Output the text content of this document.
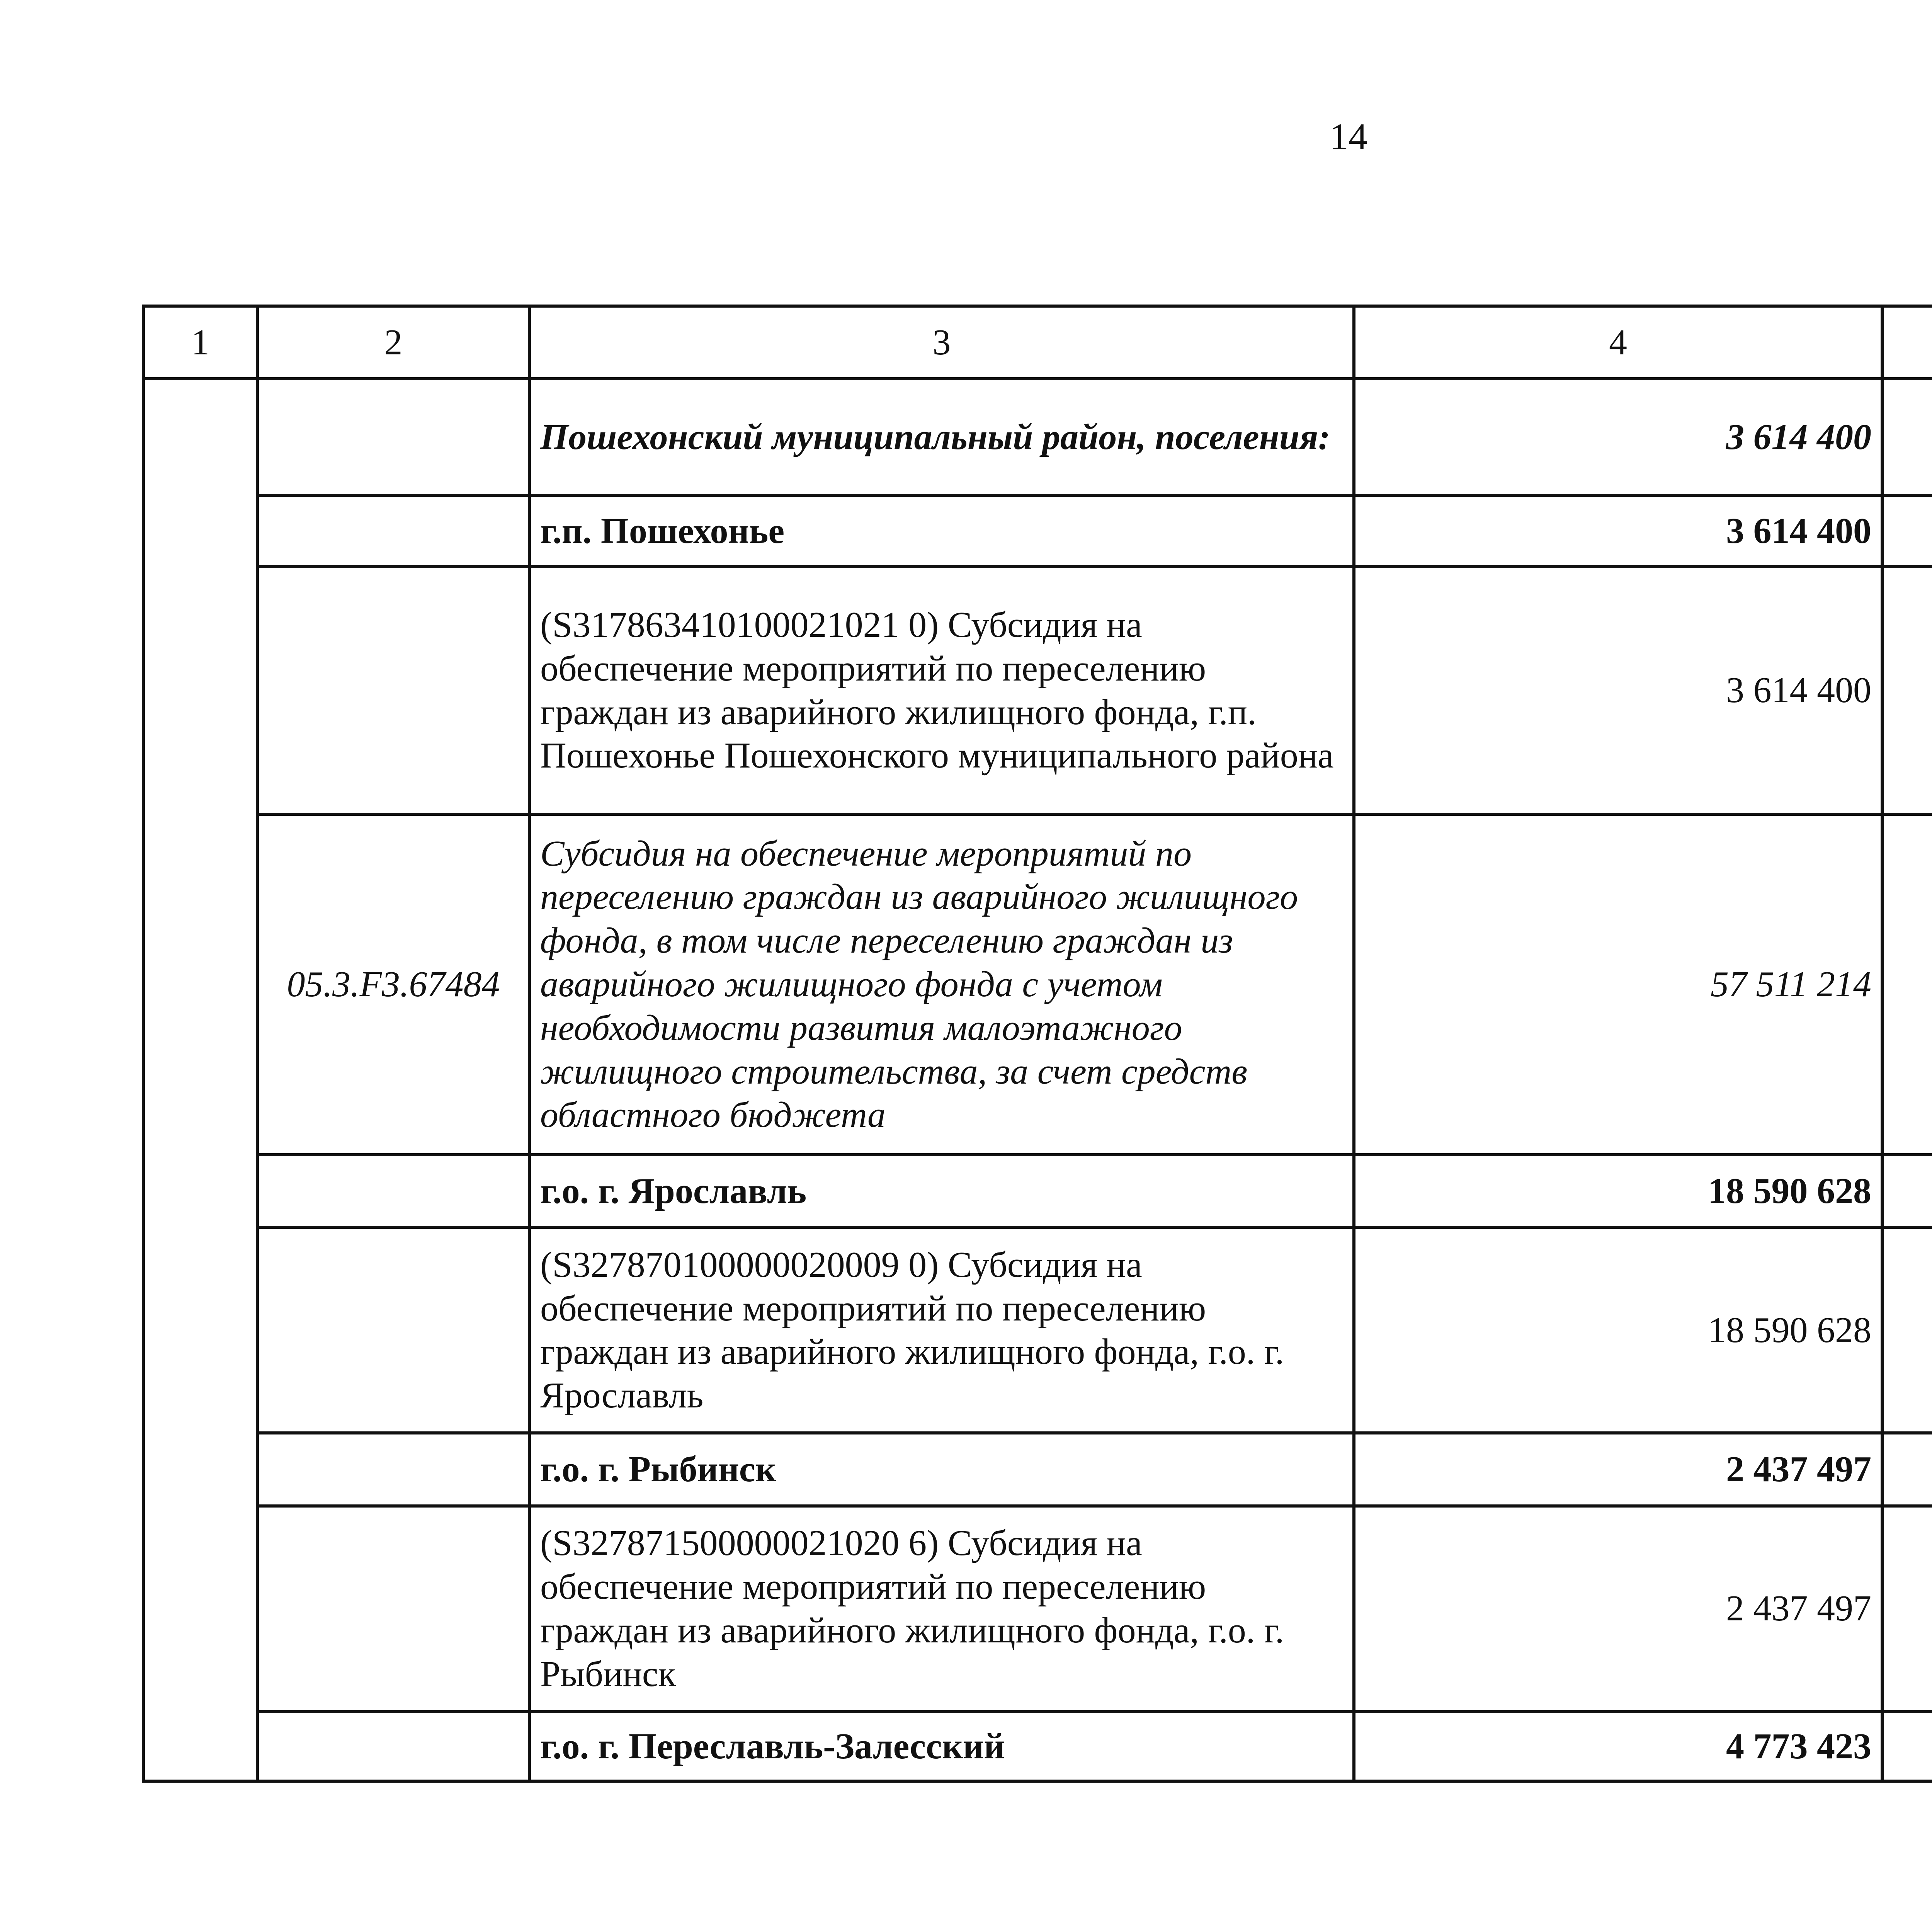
14
1	2	3	4			
		Пошехонский муниципальный район, поселения:	3 614 400			
		г.п. Пошехонье	3 614 400			
		(S317863410100021021 0) Субсидия на обеспечение мероприятий по переселению граждан из аварийного жилищного фонда, г.п. Пошехонье Пошехонского муниципального района	3 614 400			
	05.3.F3.67484	Субсидия на обеспечение мероприятий по переселению граждан из аварийного жилищного фонда, в том числе переселению граждан из аварийного жилищного фонда с учетом необходимости развития малоэтажного жилищного строительства, за счет средств областного бюджета	57 511 214			
		г.о. г. Ярославль	18 590 628			
		(S327870100000020009 0) Субсидия на обеспечение мероприятий по переселению граждан из аварийного жилищного фонда, г.о. г. Ярославль	18 590 628			
		г.о. г. Рыбинск	2 437 497			
		(S327871500000021020 6) Субсидия на обеспечение мероприятий по переселению граждан из аварийного жилищного фонда, г.о. г. Рыбинск	2 437 497			
		г.о. г. Переславль-Залесский	4 773 423			
